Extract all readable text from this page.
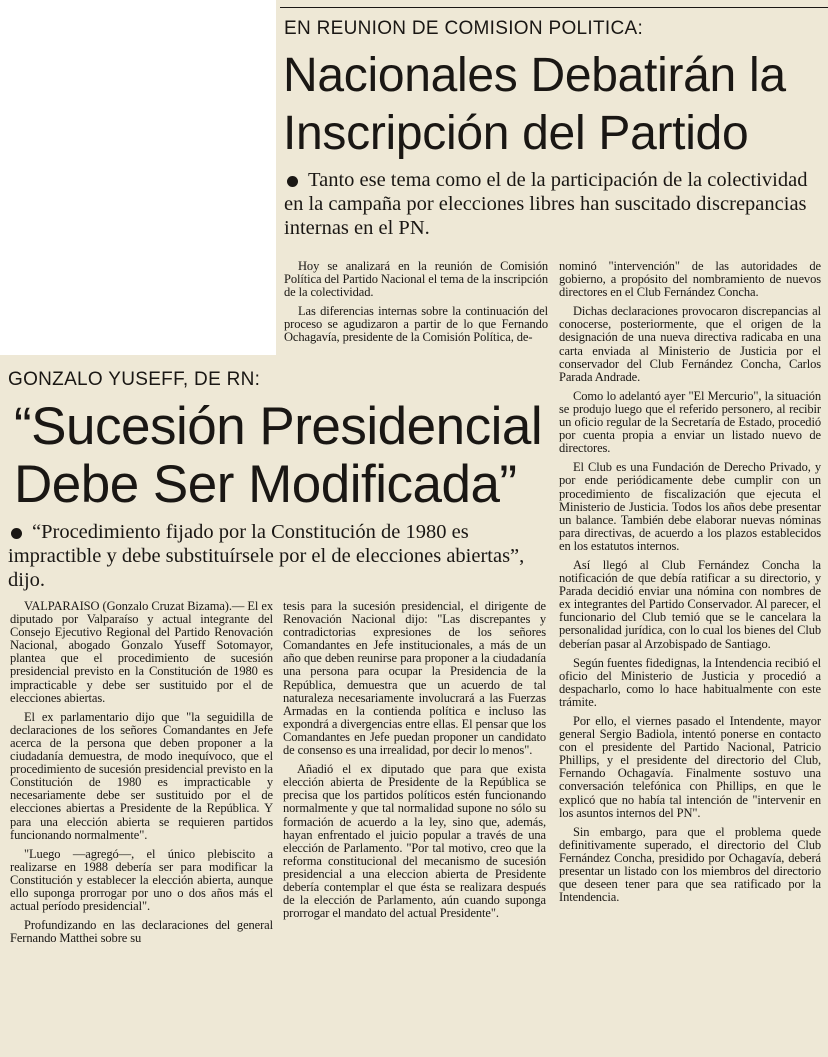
EN REUNION DE COMISION POLITICA:
Nacionales Debatirán la
Inscripción del Partido
Tanto ese tema como el de la participación de la colectividad en la campaña por elecciones libres han suscitado discrepancias internas en el PN.

Hoy se analizará en la reunión de Comisión Política del Partido Nacional el tema de la inscripción de la colectividad.

Las diferencias internas sobre la continuación del proceso se agudizaron a partir de lo que Fernando Ochagavía, presidente de la Comisión Política, de-

nominó "intervención" de las autoridades de gobierno, a propósito del nombramiento de nuevos directores en el Club Fernández Concha.

Dichas declaraciones provocaron discrepancias al conocerse, posteriormente, que el origen de la designación de una nueva directiva radicaba en una carta enviada al Ministerio de Justicia por el conservador del Club Fernández Concha, Carlos Parada Andrade.

Como lo adelantó ayer "El Mercurio", la situación se produjo luego que el referido personero, al recibir un oficio regular de la Secretaría de Estado, procedió por cuenta propia a enviar un listado nuevo de directores.

El Club es una Fundación de Derecho Privado, y por ende periódicamente debe cumplir con un procedimiento de fiscalización que ejecuta el Ministerio de Justicia. Todos los años debe presentar un balance. También debe elaborar nuevas nóminas para directivas, de acuerdo a los plazos establecidos en los estatutos internos.

Así llegó al Club Fernández Concha la notificación de que debía ratificar a su directorio, y Parada decidió enviar una nómina con nombres de ex integrantes del Partido Conservador. Al parecer, el funcionario del Club temió que se le cancelara la personalidad jurídica, con lo cual los bienes del Club deberían pasar al Arzobispado de Santiago.

Según fuentes fidedignas, la Intendencia recibió el oficio del Ministerio de Justicia y procedió a despacharlo, como lo hace habitualmente con este trámite.

Por ello, el viernes pasado el Intendente, mayor general Sergio Badiola, intentó ponerse en contacto con el presidente del Partido Nacional, Patricio Phillips, y el presidente del directorio del Club, Fernando Ochagavía. Finalmente sostuvo una conversación telefónica con Phillips, en que le explicó que no había tal intención de "intervenir en los asuntos internos del PN".

Sin embargo, para que el problema quede definitivamente superado, el directorio del Club Fernández Concha, presidido por Ochagavía, deberá presentar un listado con los miembros del directorio que deseen tener para que sea ratificado por la Intendencia.

GONZALO YUSEFF, DE RN:
“Sucesión Presidencial
Debe Ser Modificada”
“Procedimiento fijado por la Constitución de 1980 es impractible y debe substituírsele por el de elecciones abiertas”, dijo.

VALPARAISO (Gonzalo Cruzat Bizama).— El ex diputado por Valparaíso y actual integrante del Consejo Ejecutivo Regional del Partido Renovación Nacional, abogado Gonzalo Yuseff Sotomayor, plantea que el procedimiento de sucesión presidencial previsto en la Constitución de 1980 es impracticable y debe ser sustituido por el de elecciones abiertas.

El ex parlamentario dijo que "la seguidilla de declaraciones de los señores Comandantes en Jefe acerca de la persona que deben proponer a la ciudadanía demuestra, de modo inequívoco, que el procedimiento de sucesión presidencial previsto en la Constitución de 1980 es impracticable y necesariamente debe ser sustituido por el de elecciones abiertas a Presidente de la República. Y para una elección abierta se requieren partidos funcionando normalmente".

"Luego —agregó—, el único plebiscito a realizarse en 1988 debería ser para modificar la Constitución y establecer la elección abierta, aunque ello suponga prorrogar por uno o dos años más el actual período presidencial".

Profundizando en las declaraciones del general Fernando Matthei sobre su

tesis para la sucesión presidencial, el dirigente de Renovación Nacional dijo: "Las discrepantes y contradictorias expresiones de los señores Comandantes en Jefe institucionales, a más de un año que deben reunirse para proponer a la ciudadanía una persona para ocupar la Presidencia de la República, demuestra que un acuerdo de tal naturaleza necesariamente involucrará a las Fuerzas Armadas en la contienda política e incluso las expondrá a divergencias entre ellas. El pensar que los Comandantes en Jefe puedan proponer un candidato de consenso es una irrealidad, por decir lo menos".

Añadió el ex diputado que para que exista elección abierta de Presidente de la República se precisa que los partidos políticos estén funcionando normalmente y que tal normalidad supone no sólo su formación de acuerdo a la ley, sino que, además, hayan enfrentado el juicio popular a través de una elección de Parlamento. "Por tal motivo, creo que la reforma constitucional del mecanismo de sucesión presidencial a una eleccion abierta de Presidente debería contemplar el que ésta se realizara después de la elección de Parlamento, aún cuando suponga prorrogar el mandato del actual Presidente".
